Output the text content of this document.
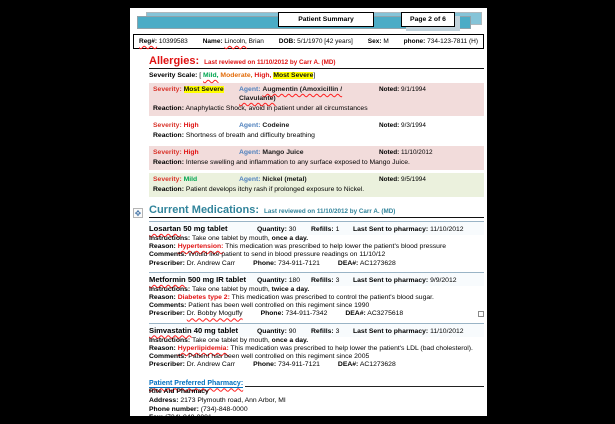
Patient Summary	Page 2 of 6
Reg#: 10399583 Name: Lincoln, Brian DOB: 5/1/1970 [42 years] Sex: M phone: 734-123-7811 (H)
Allergies: Last reviewed on 11/10/2012 by Carr A. (MD)
Severity Scale: [ Mild, Moderate, High, Most Severe]
Severity: Most Severe	Agent: Augmentin (Amoxicillin / Clavulante)
Noted: 9/1/1994
Reaction: Anaphylactic Shock, avoid in patient under all circumstances
Severity: High	Agent: Codeine	Noted: 9/3/1994
Reaction: Shortness of breath and difficulty breathing
Severity: High	Agent: Mango Juice	Noted: 11/10/2012
Reaction: Intense swelling and inflammation to any surface exposed to Mango Juice.
Severity: Mild	Agent: Nickel (metal)	Noted: 9/5/1994
Reaction: Patient develops itchy rash if prolonged exposure to Nickel.
✥ Current Medications: Last reviewed on 11/10/2012 by Carr A. (MD)
Losartan 50 mg tablet	Quantity: 30	Refills: 1	Last Sent to pharmacy: 11/10/2012
Instructions: Take one tablet by mouth, once a day.
Reason: Hypertension: This medication was prescribed to help lower the patient's blood pressure
Comments: Would like patient to send in blood pressure readings on 11/10/12
Prescriber: Dr. Andrew Carr	Phone: 734-911-7121	DEA#: AC1273628
Metformin 500 mg IR tablet	Quantity: 180	Refills: 3	Last Sent to pharmacy: 9/9/2012
Instructions: Take one tablet by mouth, twice a day.
Reason: Diabetes type 2: This medication was prescribed to control the patient's blood sugar.
Comments: Patient has been well controlled on this regiment since 1990
Prescriber: Dr. Bobby Moguffy	Phone: 734-911-7342	DEA#: AC3275618
Simvastatin 40 mg tablet	Quantity: 90	Refills: 3	Last Sent to pharmacy: 11/10/2012
Instructions: Take one tablet by mouth, once a day.
Reason: Hyperlipidemia: This medication was prescribed to help lower the patient's LDL (bad cholesterol).
Comments: Patient has been well controlled on this regiment since 2005
Prescriber: Dr. Andrew Carr	Phone: 734-911-7121	DEA#: AC1273628
Patient Preferred Pharmacy:
Rite Aid Pharmacy
Address: 2173 Plymouth road, Ann Arbor, MI
Phone number: (734)-848-0000
Fax: (734)-848-0001
